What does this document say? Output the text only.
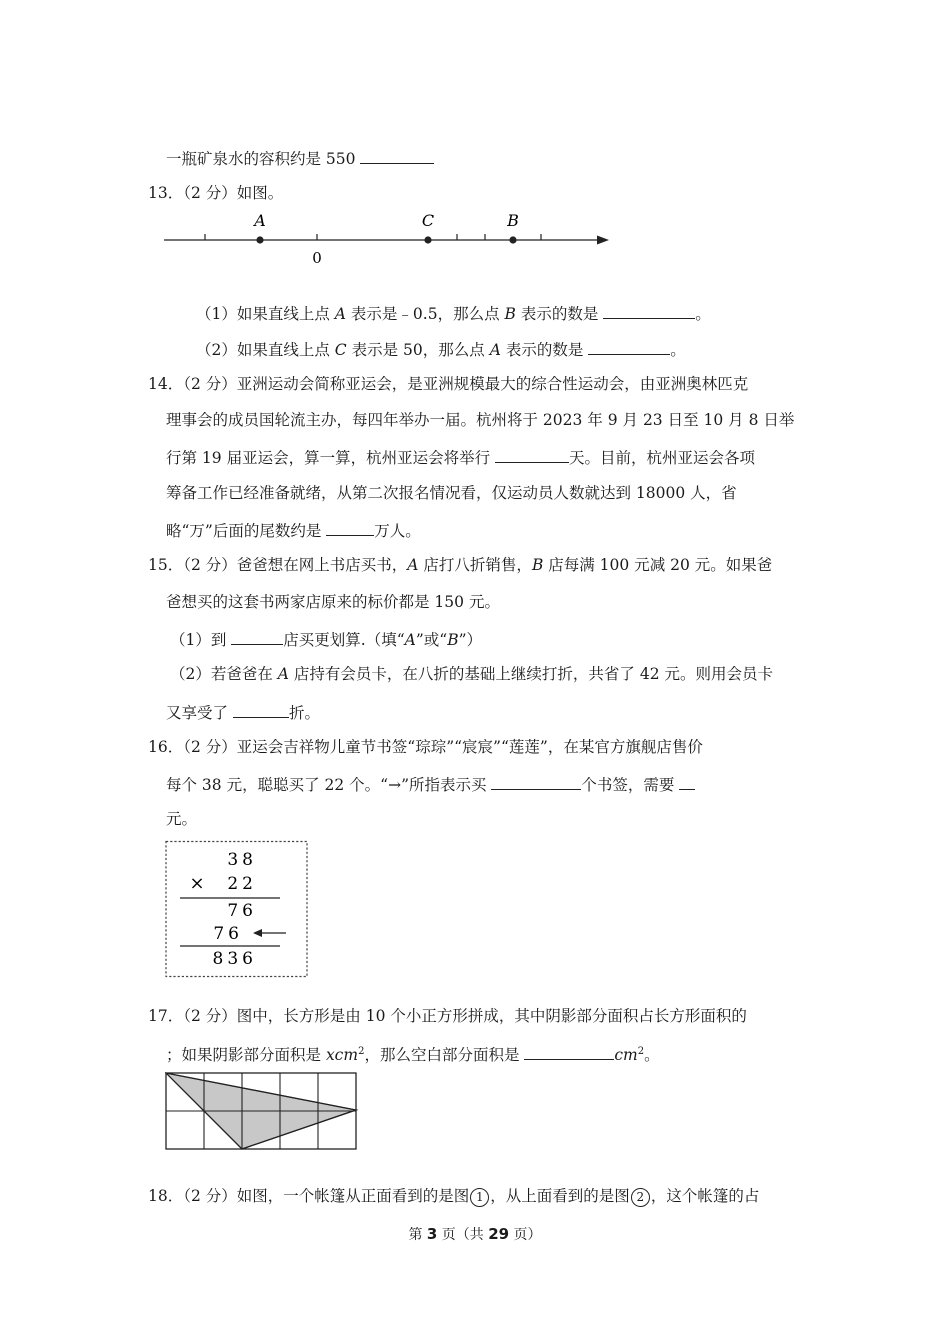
一瓶矿泉水的容积约是 550
13．（2 分）如图。
A	C	B
0
（1）如果直线上点 A 表示是﹣0.5，那么点 B 表示的数是	。
（2）如果直线上点 C 表示是 50，那么点 A 表示的数是	。
14．（2 分）亚洲运动会简称亚运会，是亚洲规模最大的综合性运动会，由亚洲奥林匹克
理事会的成员国轮流主办，每四年举办一届。杭州将于 2023 年 9 月 23 日至 10 月 8 日举
行第 19 届亚运会，算一算，杭州亚运会将举行	天。目前，杭州亚运会各项
筹备工作已经准备就绪，从第二次报名情况看，仅运动员人数就达到 18000 人，省
略“万”后面的尾数约是	万人。
15．（2 分）爸爸想在网上书店买书，A 店打八折销售，B 店每满 100 元减 20 元。如果爸
爸想买的这套书两家店原来的标价都是 150 元。
（1）到	店买更划算.（填“A”或“B”）
（2）若爸爸在 A 店持有会员卡，在八折的基础上继续打折，共省了 42 元。则用会员卡
又享受了	折。
16．（2 分）亚运会吉祥物儿童节书签“琮琮”“宸宸”“莲莲”，在某官方旗舰店售价
每个 38 元，聪聪买了 22 个。“→”所指表示买	个书签，需要
元。
38
× 22
76
76
836
17．（2 分）图中，长方形是由 10 个小正方形拼成，其中阴影部分面积占长方形面积的
；如果阴影部分面积是 xcm$^2$，那么空白部分面积是	$cm^2$。
18．（2 分）如图，一个帐篷从正面看到的是图 1 ，从上面看到的是图 2 ，这个帐篷的占
第 3 页（共 29 页）
